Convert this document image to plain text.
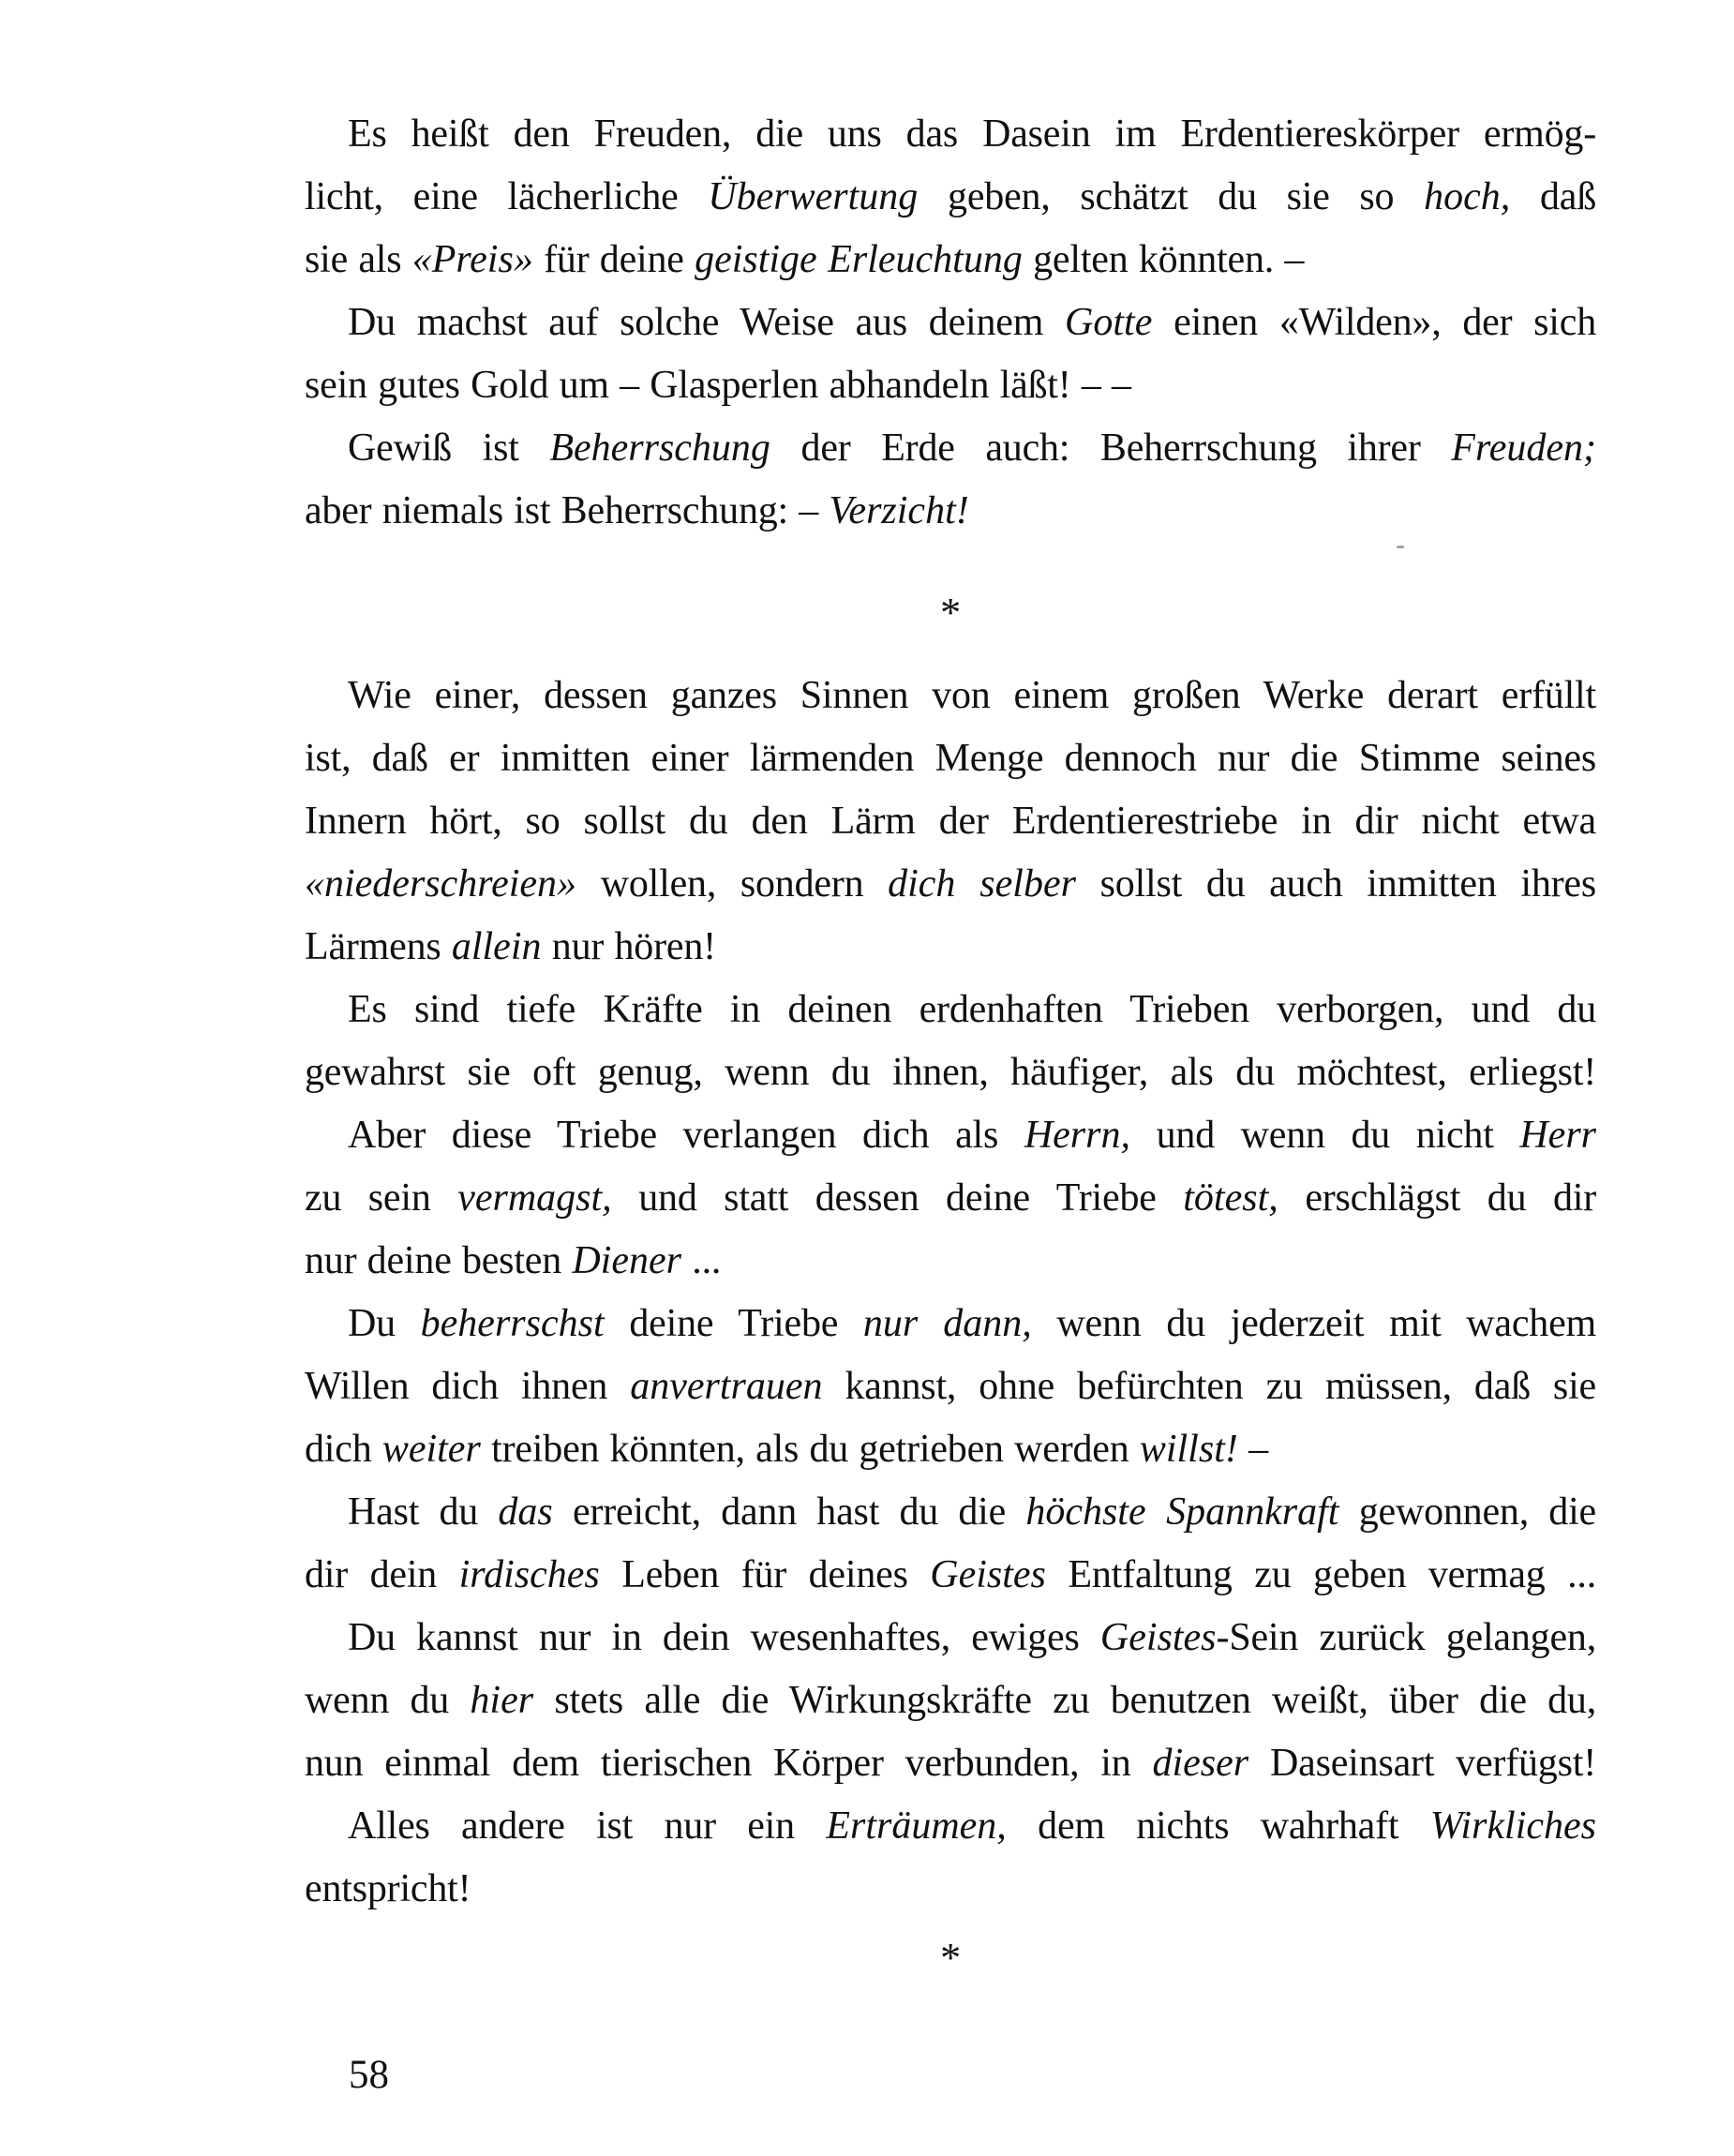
Es heißt den Freuden, die uns das Dasein im Erdentiereskörper ermög-
licht, eine lächerliche Überwertung geben, schätzt du sie so hoch, daß
sie als «Preis» für deine geistige Erleuchtung gelten könnten. –
Du machst auf solche Weise aus deinem Gotte einen «Wilden», der sich
sein gutes Gold um – Glasperlen abhandeln läßt! – –
Gewiß ist Beherrschung der Erde auch: Beherrschung ihrer Freuden;
aber niemals ist Beherrschung: – Verzicht!
*
Wie einer, dessen ganzes Sinnen von einem großen Werke derart erfüllt
ist, daß er inmitten einer lärmenden Menge dennoch nur die Stimme seines
Innern hört, so sollst du den Lärm der Erdentierestriebe in dir nicht etwa
«niederschreien» wollen, sondern dich selber sollst du auch inmitten ihres
Lärmens allein nur hören!
Es sind tiefe Kräfte in deinen erdenhaften Trieben verborgen, und du
gewahrst sie oft genug, wenn du ihnen, häufiger, als du möchtest, erliegst!
Aber diese Triebe verlangen dich als Herrn, und wenn du nicht Herr
zu sein vermagst, und statt dessen deine Triebe tötest, erschlägst du dir
nur deine besten Diener ...
Du beherrschst deine Triebe nur dann, wenn du jederzeit mit wachem
Willen dich ihnen anvertrauen kannst, ohne befürchten zu müssen, daß sie
dich weiter treiben könnten, als du getrieben werden willst! –
Hast du das erreicht, dann hast du die höchste Spannkraft gewonnen, die
dir dein irdisches Leben für deines Geistes Entfaltung zu geben vermag ...
Du kannst nur in dein wesenhaftes, ewiges Geistes-Sein zurück gelangen,
wenn du hier stets alle die Wirkungskräfte zu benutzen weißt, über die du,
nun einmal dem tierischen Körper verbunden, in dieser Daseinsart verfügst!
Alles andere ist nur ein Erträumen, dem nichts wahrhaft Wirkliches
entspricht!
*
58
